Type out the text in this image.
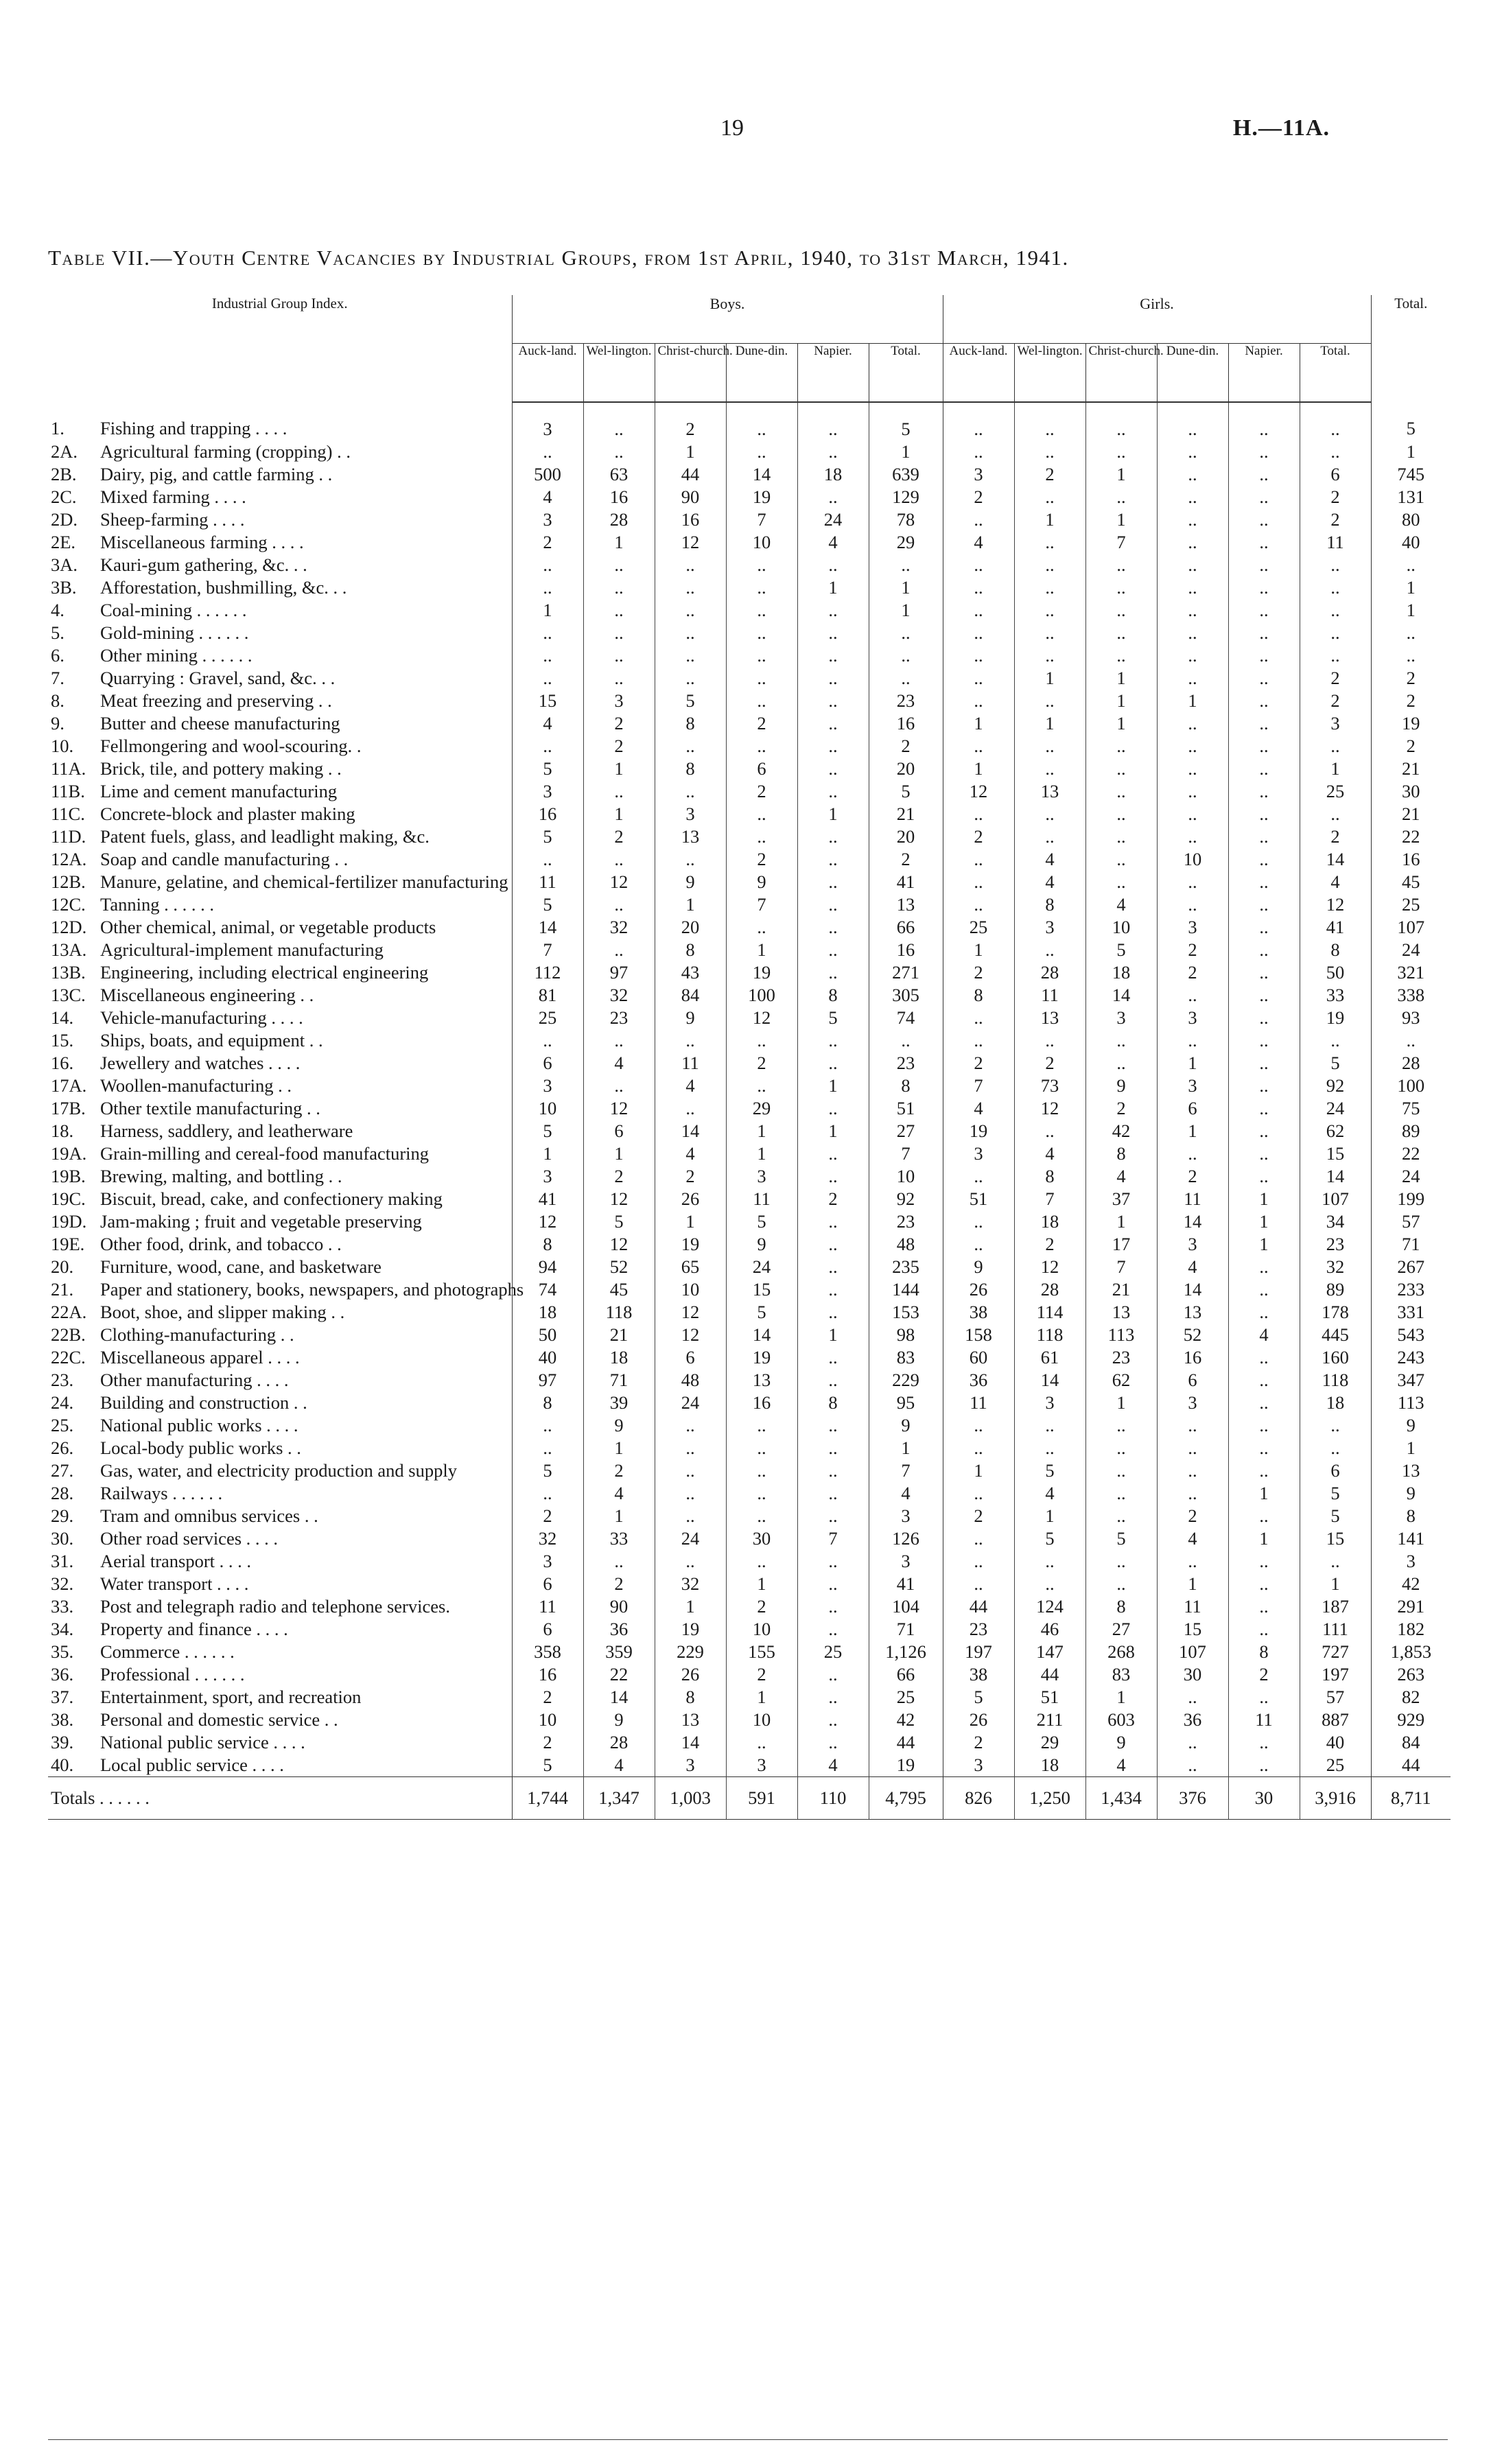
19	H.—11A.
Table VII.—Youth Centre Vacancies by Industrial Groups, from 1st April, 1940, to 31st March, 1941.
Industrial Group Index.		Boys.						Girls.						Total.
		Auck-land.	Wel-lington.	Christ-church.	Dune-din.	Napier.	Total.	Auck-land.	Wel-lington.	Christ-church.	Dune-din.	Napier.	Total.	
1.	Fishing and trapping . . . .	3	..	2	..	..	5	..	..	..	..	..	..	5
2A.	Agricultural farming (cropping) . .	..	..	1	..	..	1	..	..	..	..	..	..	1
2B.	Dairy, pig, and cattle farming . .	500	63	44	14	18	639	3	2	1	..	..	6	745
2C.	Mixed farming . . . .	4	16	90	19	..	129	2	..	..	..	..	2	131
2D.	Sheep-farming . . . .	3	28	16	7	24	78	..	1	1	..	..	2	80
2E.	Miscellaneous farming . . . .	2	1	12	10	4	29	4	..	7	..	..	11	40
3A.	Kauri-gum gathering, &c. . .	..	..	..	..	..	..	..	..	..	..	..	..	..
3B.	Afforestation, bushmilling, &c. . .	..	..	..	..	1	1	..	..	..	..	..	..	1
4.	Coal-mining . . . . . .	1	..	..	..	..	1	..	..	..	..	..	..	1
5.	Gold-mining . . . . . .	..	..	..	..	..	..	..	..	..	..	..	..	..
6.	Other mining . . . . . .	..	..	..	..	..	..	..	..	..	..	..	..	..
7.	Quarrying : Gravel, sand, &c. . .	..	..	..	..	..	..	..	1	1	..	..	2	2
8.	Meat freezing and preserving . .	15	3	5	..	..	23	..	..	1	1	..	2	2
9.	Butter and cheese manufacturing	4	2	8	2	..	16	1	1	1	..	..	3	19
10.	Fellmongering and wool-scouring. .	..	2	..	..	..	2	..	..	..	..	..	..	2
11A.	Brick, tile, and pottery making . .	5	1	8	6	..	20	1	..	..	..	..	1	21
11B.	Lime and cement manufacturing	3	..	..	2	..	5	12	13	..	..	..	25	30
11C.	Concrete-block and plaster making	16	1	3	..	1	21	..	..	..	..	..	..	21
11D.	Patent fuels, glass, and leadlight making, &c.	5	2	13	..	..	20	2	..	..	..	..	2	22
12A.	Soap and candle manufacturing . .	..	..	..	2	..	2	..	4	..	10	..	14	16
12B.	Manure, gelatine, and chemical-fertilizer manufacturing	11	12	9	9	..	41	..	4	..	..	..	4	45
12C.	Tanning . . . . . .	5	..	1	7	..	13	..	8	4	..	..	12	25
12D.	Other chemical, animal, or vegetable products	14	32	20	..	..	66	25	3	10	3	..	41	107
13A.	Agricultural-implement manufacturing	7	..	8	1	..	16	1	..	5	2	..	8	24
13B.	Engineering, including electrical engineering	112	97	43	19	..	271	2	28	18	2	..	50	321
13C.	Miscellaneous engineering . .	81	32	84	100	8	305	8	11	14	..	..	33	338
14.	Vehicle-manufacturing . . . .	25	23	9	12	5	74	..	13	3	3	..	19	93
15.	Ships, boats, and equipment . .	..	..	..	..	..	..	..	..	..	..	..	..	..
16.	Jewellery and watches . . . .	6	4	11	2	..	23	2	2	..	1	..	5	28
17A.	Woollen-manufacturing . .	3	..	4	..	1	8	7	73	9	3	..	92	100
17B.	Other textile manufacturing . .	10	12	..	29	..	51	4	12	2	6	..	24	75
18.	Harness, saddlery, and leatherware	5	6	14	1	1	27	19	..	42	1	..	62	89
19A.	Grain-milling and cereal-food manufacturing	1	1	4	1	..	7	3	4	8	..	..	15	22
19B.	Brewing, malting, and bottling . .	3	2	2	3	..	10	..	8	4	2	..	14	24
19C.	Biscuit, bread, cake, and confectionery making	41	12	26	11	2	92	51	7	37	11	1	107	199
19D.	Jam-making ; fruit and vegetable preserving	12	5	1	5	..	23	..	18	1	14	1	34	57
19E.	Other food, drink, and tobacco . .	8	12	19	9	..	48	..	2	17	3	1	23	71
20.	Furniture, wood, cane, and basketware	94	52	65	24	..	235	9	12	7	4	..	32	267
21.	Paper and stationery, books, newspapers, and photographs	74	45	10	15	..	144	26	28	21	14	..	89	233
22A.	Boot, shoe, and slipper making . .	18	118	12	5	..	153	38	114	13	13	..	178	331
22B.	Clothing-manufacturing . .	50	21	12	14	1	98	158	118	113	52	4	445	543
22C.	Miscellaneous apparel . . . .	40	18	6	19	..	83	60	61	23	16	..	160	243
23.	Other manufacturing . . . .	97	71	48	13	..	229	36	14	62	6	..	118	347
24.	Building and construction . .	8	39	24	16	8	95	11	3	1	3	..	18	113
25.	National public works . . . .	..	9	..	..	..	9	..	..	..	..	..	..	9
26.	Local-body public works . .	..	1	..	..	..	1	..	..	..	..	..	..	1
27.	Gas, water, and electricity production and supply	5	2	..	..	..	7	1	5	..	..	..	6	13
28.	Railways . . . . . .	..	4	..	..	..	4	..	4	..	..	1	5	9
29.	Tram and omnibus services . .	2	1	..	..	..	3	2	1	..	2	..	5	8
30.	Other road services . . . .	32	33	24	30	7	126	..	5	5	4	1	15	141
31.	Aerial transport . . . .	3	..	..	..	..	3	..	..	..	..	..	..	3
32.	Water transport . . . .	6	2	32	1	..	41	..	..	..	1	..	1	42
33.	Post and telegraph radio and telephone services.	11	90	1	2	..	104	44	124	8	11	..	187	291
34.	Property and finance . . . .	6	36	19	10	..	71	23	46	27	15	..	111	182
35.	Commerce . . . . . .	358	359	229	155	25	1,126	197	147	268	107	8	727	1,853
36.	Professional . . . . . .	16	22	26	2	..	66	38	44	83	30	2	197	263
37.	Entertainment, sport, and recreation	2	14	8	1	..	25	5	51	1	..	..	57	82
38.	Personal and domestic service . .	10	9	13	10	..	42	26	211	603	36	11	887	929
39.	National public service . . . .	2	28	14	..	..	44	2	29	9	..	..	40	84
40.	Local public service . . . .	5	4	3	3	4	19	3	18	4	..	..	25	44
Totals . . . . . .		1,744	1,347	1,003	591	110	4,795	826	1,250	1,434	376	30	3,916	8,711
